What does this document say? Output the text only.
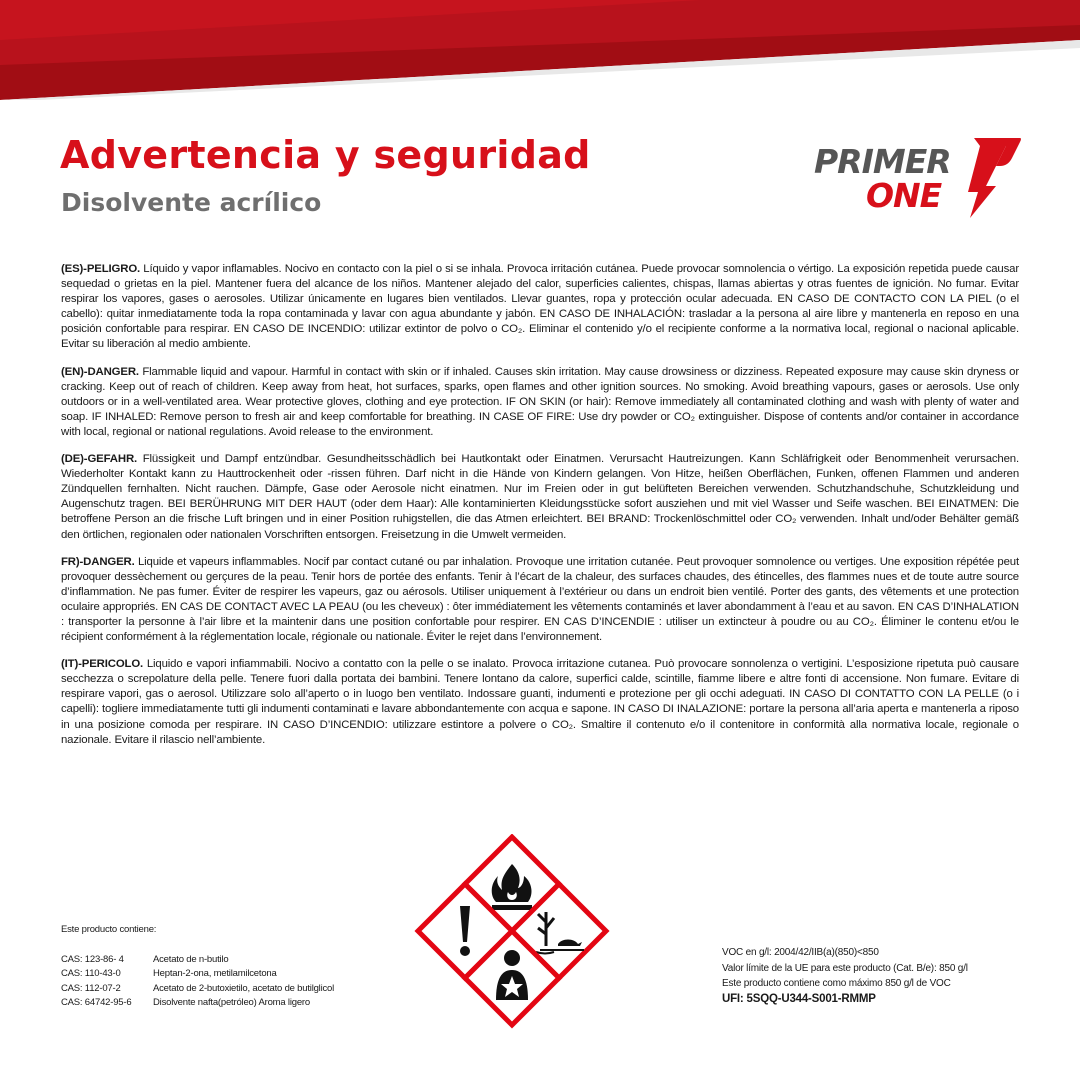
Advertencia y seguridad
Disolvente acrílico
PRIMER
ONE

(ES)-PELIGRO. Líquido y vapor inflamables. Nocivo en contacto con la piel o si se inhala. Provoca irritación cutánea. Puede provocar somnolencia o vértigo. La exposición repetida puede causar sequedad o grietas en la piel. Mantener fuera del alcance de los niños. Mantener alejado del calor, superficies calientes, chispas, llamas abiertas y otras fuentes de ignición. No fumar. Evitar respirar los vapores, gases o aerosoles. Utilizar únicamente en lugares bien ventilados. Llevar guantes, ropa y protección ocular adecuada. EN CASO DE CONTACTO CON LA PIEL (o el cabello): quitar inmediatamente toda la ropa contaminada y lavar con agua abundante y jabón. EN CASO DE INHALACIÓN: trasladar a la persona al aire libre y mantenerla en reposo en una posición confortable para respirar. EN CASO DE INCENDIO: utilizar extintor de polvo o CO₂. Eliminar el contenido y/o el recipiente conforme a la normativa local, regional o nacional aplicable. Evitar su liberación al medio ambiente.

(EN)-DANGER. Flammable liquid and vapour. Harmful in contact with skin or if inhaled. Causes skin irritation. May cause drowsiness or dizziness. Repeated exposure may cause skin dryness or cracking. Keep out of reach of children. Keep away from heat, hot surfaces, sparks, open flames and other ignition sources. No smoking. Avoid breathing vapours, gases or aerosols. Use only outdoors or in a well-ventilated area. Wear protective gloves, clothing and eye protection. IF ON SKIN (or hair): Remove immediately all contaminated clothing and wash with plenty of water and soap. IF INHALED: Remove person to fresh air and keep comfortable for breathing. IN CASE OF FIRE: Use dry powder or CO₂ extinguisher. Dispose of contents and/or container in accordance with local, regional or national regulations. Avoid release to the environment.

(DE)-GEFAHR. Flüssigkeit und Dampf entzündbar. Gesundheitsschädlich bei Hautkontakt oder Einatmen. Verursacht Hautreizungen. Kann Schläfrigkeit oder Benommenheit verursachen. Wiederholter Kontakt kann zu Hauttrockenheit oder -rissen führen. Darf nicht in die Hände von Kindern gelangen. Von Hitze, heißen Oberflächen, Funken, offenen Flammen und anderen Zündquellen fernhalten. Nicht rauchen. Dämpfe, Gase oder Aerosole nicht einatmen. Nur im Freien oder in gut belüfteten Bereichen verwenden. Schutzhandschuhe, Schutzkleidung und Augenschutz tragen. BEI BERÜHRUNG MIT DER HAUT (oder dem Haar): Alle kontaminierten Kleidungsstücke sofort ausziehen und mit viel Wasser und Seife waschen. BEI EINATMEN: Die betroffene Person an die frische Luft bringen und in einer Position ruhigstellen, die das Atmen erleichtert. BEI BRAND: Trockenlöschmittel oder CO₂ verwenden. Inhalt und/oder Behälter gemäß den örtlichen, regionalen oder nationalen Vorschriften entsorgen. Freisetzung in die Umwelt vermeiden.

FR)-DANGER. Liquide et vapeurs inflammables. Nocif par contact cutané ou par inhalation. Provoque une irritation cutanée. Peut provoquer somnolence ou vertiges. Une exposition répétée peut provoquer dessèchement ou gerçures de la peau. Tenir hors de portée des enfants. Tenir à l’écart de la chaleur, des surfaces chaudes, des étincelles, des flammes nues et de toute autre source d’inflammation. Ne pas fumer. Éviter de respirer les vapeurs, gaz ou aérosols. Utiliser uniquement à l’extérieur ou dans un endroit bien ventilé. Porter des gants, des vêtements et une protection oculaire appropriés. EN CAS DE CONTACT AVEC LA PEAU (ou les cheveux) : ôter immédiatement les vêtements contaminés et laver abondamment à l’eau et au savon. EN CAS D’INHALATION : transporter la personne à l’air libre et la maintenir dans une position confortable pour respirer. EN CAS D’INCENDIE : utiliser un extincteur à poudre ou au CO₂. Éliminer le contenu et/ou le récipient conformément à la réglementation locale, régionale ou nationale. Éviter le rejet dans l’environnement.

(IT)-PERICOLO. Liquido e vapori infiammabili. Nocivo a contatto con la pelle o se inalato. Provoca irritazione cutanea. Può provocare sonnolenza o vertigini. L’esposizione ripetuta può causare secchezza o screpolature della pelle. Tenere fuori dalla portata dei bambini. Tenere lontano da calore, superfici calde, scintille, fiamme libere e altre fonti di accensione. Non fumare. Evitare di respirare vapori, gas o aerosol. Utilizzare solo all’aperto o in luogo ben ventilato. Indossare guanti, indumenti e protezione per gli occhi adeguati. IN CASO DI CONTATTO CON LA PELLE (o i capelli): togliere immediatamente tutti gli indumenti contaminati e lavare abbondantemente con acqua e sapone. IN CASO DI INALAZIONE: portare la persona all’aria aperta e mantenerla a riposo in una posizione comoda per respirare. IN CASO D’INCENDIO: utilizzare estintore a polvere o CO₂. Smaltire il contenuto e/o il contenitore in conformità alla normativa locale, regionale o nazionale. Evitare il rilascio nell’ambiente.

Este producto contiene:
CAS: 123-86- 4	Acetato de n-butilo
CAS: 110-43-0	Heptan-2-ona, metilamilcetona
CAS: 112-07-2	Acetato de 2-butoxietilo, acetato de butilglicol
CAS: 64742-95-6	Disolvente nafta(petróleo) Aroma ligero
VOC en g/l: 2004/42/IIB(a)(850)<850
Valor límite de la UE para este producto (Cat. B/e): 850 g/l
Este producto contiene como máximo 850 g/l de VOC
UFI: 5SQQ-U344-S001-RMMP
